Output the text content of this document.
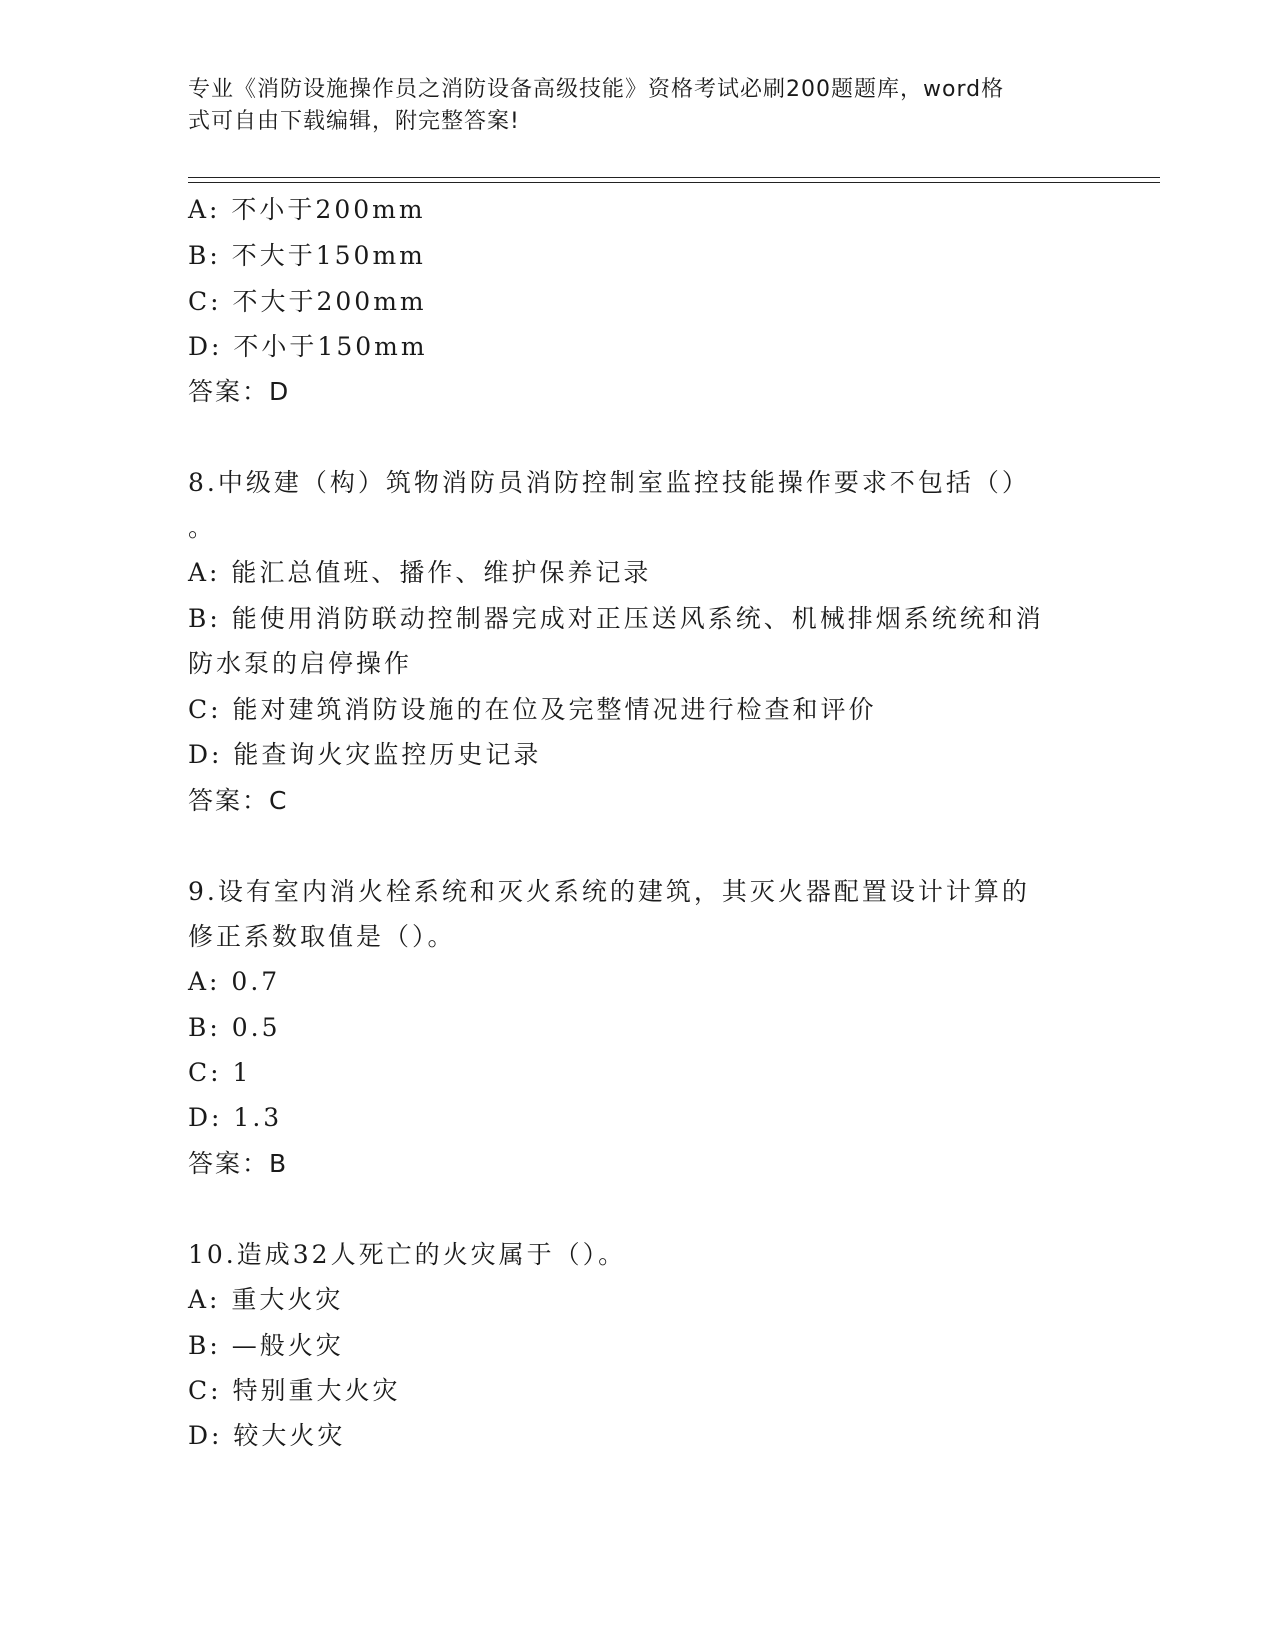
专业《消防设施操作员之消防设备高级技能》资格考试必刷200题题库，word格
式可自由下载编辑，附完整答案!
A: 不小于200mm
B: 不大于150mm
C: 不大于200mm
D: 不小于150mm
答案：D
8.中级建（构）筑物消防员消防控制室监控技能操作要求不包括（）
。
A: 能汇总值班、播作、维护保养记录
B: 能使用消防联动控制器完成对正压送风系统、机械排烟系统统和消
防水泵的启停操作
C: 能对建筑消防设施的在位及完整情况进行检查和评价
D: 能查询火灾监控历史记录
答案：C
9.设有室内消火栓系统和灭火系统的建筑，其灭火器配置设计计算的
修正系数取值是（）。
A: 0.7
B: 0.5
C: 1
D: 1.3
答案：B
10.造成32人死亡的火灾属于（）。
A: 重大火灾
B: —般火灾
C: 特别重大火灾
D: 较大火灾
